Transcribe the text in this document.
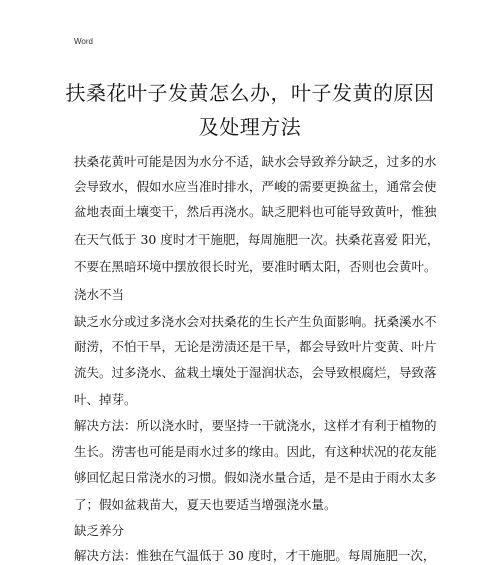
Word
扶桑花叶子发黄怎么办，叶子发黄的原因
及处理方法
扶桑花黄叶可能是因为水分不适，缺水会导致养分缺乏，过多的水
会导致水，假如水应当准时排水，严峻的需要更换盆土，通常会使
盆地表面土壤变干，然后再浇水。缺乏肥料也可能导致黄叶，惟独
在天气低于 30 度时才干施肥，每周施肥一次。扶桑花喜爱 阳光，
不要在黑暗环境中摆放很长时光，要准时晒太阳，否则也会黄叶。
浇水不当
缺乏水分或过多浇水会对扶桑花的生长产生负面影响。抚桑溪水不
耐涝，不怕干旱，无论是涝渍还是干旱，都会导致叶片变黄、叶片
流失。过多浇水、盆栽土壤处于湿润状态，会导致根腐烂，导致落
叶、掉芽。
解决方法：所以浇水时，要坚持一干就浇水，这样才有利于植物的
生长。涝害也可能是雨水过多的缘由。因此，有这种状况的花友能
够回忆起日常浇水的习惯。假如浇水量合适，是不是由于雨水太多
了；假如盆栽苗大，夏天也要适当增强浇水量。
缺乏养分
解决方法：惟独在气温低于 30 度时，才干施肥。每周施肥一次，
